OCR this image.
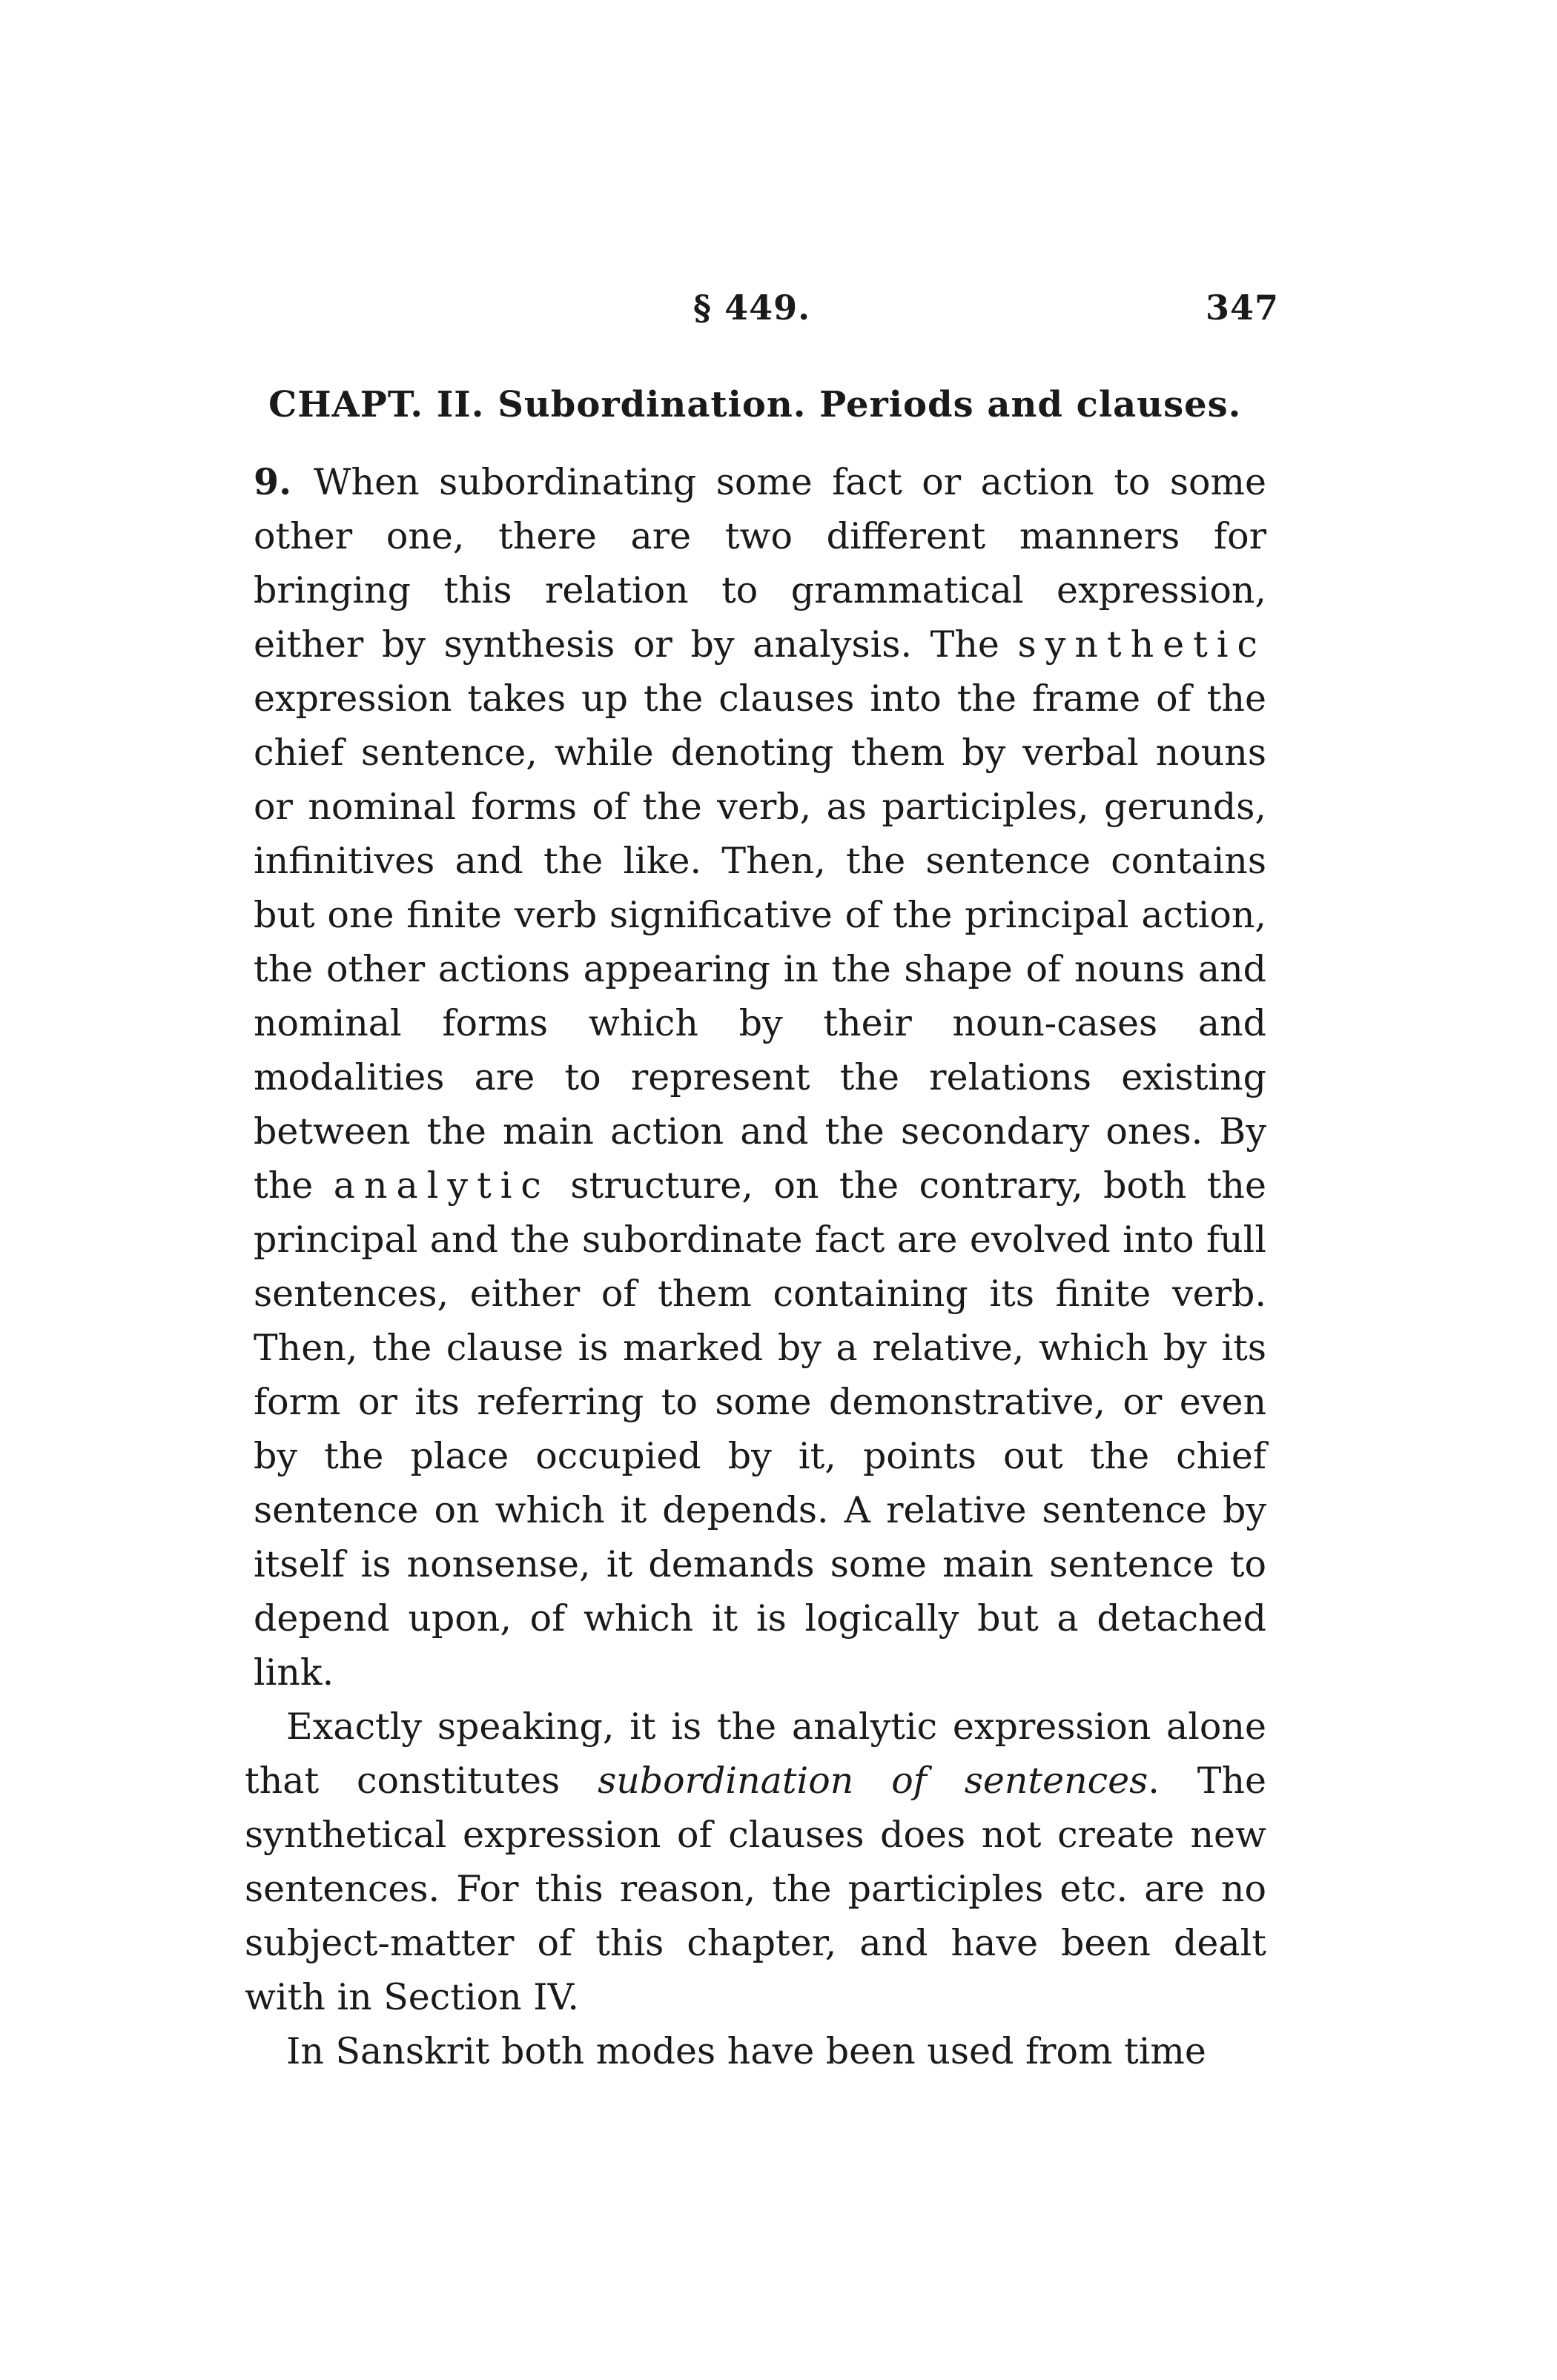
§ 449.	347
CHAPT. II. Subordination. Periods and clauses.

9. When subordinating some fact or action to some other one, there are two different manners for bringing this relation to grammatical expression, either by synthesis or by analysis. The synthetic expression takes up the clauses into the frame of the chief sentence, while denoting them by verbal nouns or nominal forms of the verb, as participles, gerunds, infinitives and the like. Then, the sentence contains but one finite verb significative of the principal action, the other actions appearing in the shape of nouns and nominal forms which by their noun-cases and modalities are to represent the relations existing between the main action and the secondary ones. By the analytic structure, on the contrary, both the principal and the subordinate fact are evolved into full sentences, either of them containing its finite verb. Then, the clause is marked by a relative, which by its form or its referring to some demonstrative, or even by the place occupied by it, points out the chief sentence on which it depends. A relative sentence by itself is nonsense, it demands some main sentence to depend upon, of which it is logically but a detached link.

Exactly speaking, it is the analytic expression alone that constitutes subordination of sentences. The synthetical expression of clauses does not create new sentences. For this reason, the participles etc. are no subject-matter of this chapter, and have been dealt with in Section IV.

In Sanskrit both modes have been used from time
